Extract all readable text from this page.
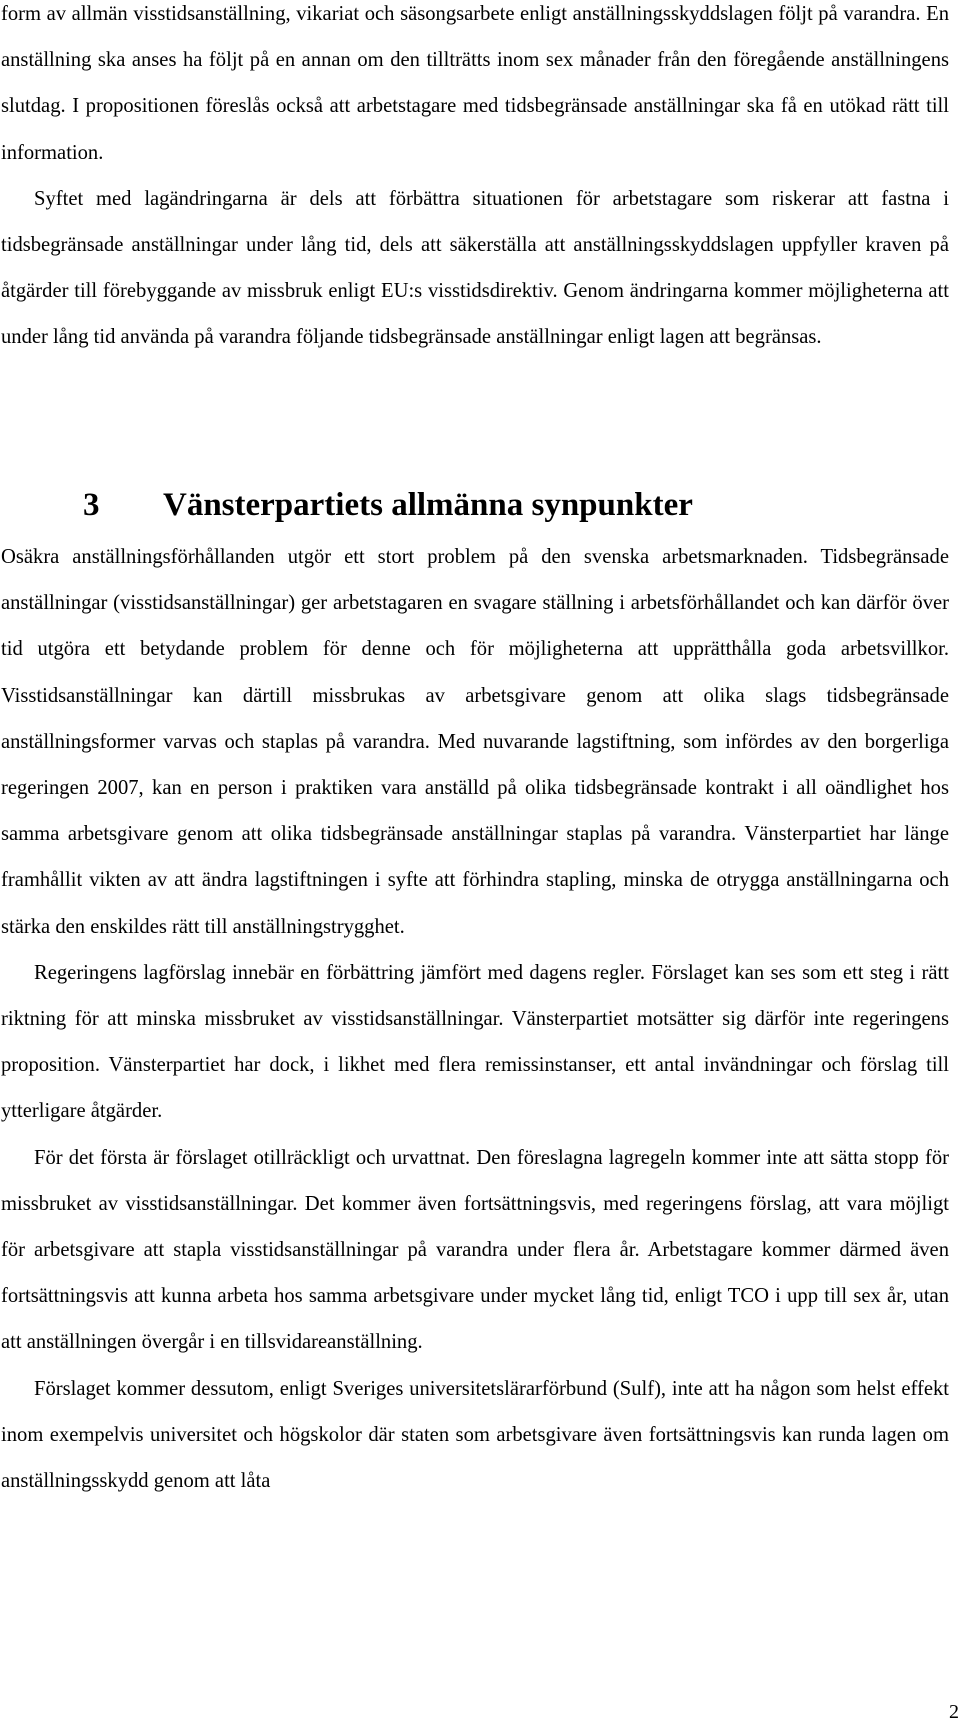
form av allmän visstidsanställning, vikariat och säsongsarbete enligt anställningsskyddslagen följt på varandra. En anställning ska anses ha följt på en annan om den tillträtts inom sex månader från den föregående anställningens slutdag. I propositionen föreslås också att arbetstagare med tidsbegränsade anställningar ska få en utökad rätt till information.

Syftet med lagändringarna är dels att förbättra situationen för arbetstagare som riskerar att fastna i tidsbegränsade anställningar under lång tid, dels att säkerställa att anställningsskyddslagen uppfyller kraven på åtgärder till förebyggande av missbruk enligt EU:s visstidsdirektiv. Genom ändringarna kommer möjligheterna att under lång tid använda på varandra följande tidsbegränsade anställningar enligt lagen att begränsas.

3 Vänsterpartiets allmänna synpunkter

Osäkra anställningsförhållanden utgör ett stort problem på den svenska arbetsmarknaden. Tidsbegränsade anställningar (visstidsanställningar) ger arbetstagaren en svagare ställning i arbetsförhållandet och kan därför över tid utgöra ett betydande problem för denne och för möjligheterna att upprätthålla goda arbetsvillkor. Visstidsanställningar kan därtill missbrukas av arbetsgivare genom att olika slags tidsbegränsade anställningsformer varvas och staplas på varandra. Med nuvarande lagstiftning, som infördes av den borgerliga regeringen 2007, kan en person i praktiken vara anställd på olika tidsbegränsade kontrakt i all oändlighet hos samma arbetsgivare genom att olika tidsbegränsade anställningar staplas på varandra. Vänsterpartiet har länge framhållit vikten av att ändra lagstiftningen i syfte att förhindra stapling, minska de otrygga anställningarna och stärka den enskildes rätt till anställningstrygghet.

Regeringens lagförslag innebär en förbättring jämfört med dagens regler. Förslaget kan ses som ett steg i rätt riktning för att minska missbruket av visstidsanställningar. Vänsterpartiet motsätter sig därför inte regeringens proposition. Vänsterpartiet har dock, i likhet med flera remissinstanser, ett antal invändningar och förslag till ytterligare åtgärder.

För det första är förslaget otillräckligt och urvattnat. Den föreslagna lagregeln kommer inte att sätta stopp för missbruket av visstidsanställningar. Det kommer även fortsättningsvis, med regeringens förslag, att vara möjligt för arbetsgivare att stapla visstidsanställningar på varandra under flera år. Arbetstagare kommer därmed även fortsättningsvis att kunna arbeta hos samma arbetsgivare under mycket lång tid, enligt TCO i upp till sex år, utan att anställningen övergår i en tillsvidareanställning.

Förslaget kommer dessutom, enligt Sveriges universitetslärarförbund (Sulf), inte att ha någon som helst effekt inom exempelvis universitet och högskolor där staten som arbetsgivare även fortsättningsvis kan runda lagen om anställningsskydd genom att låta

2
